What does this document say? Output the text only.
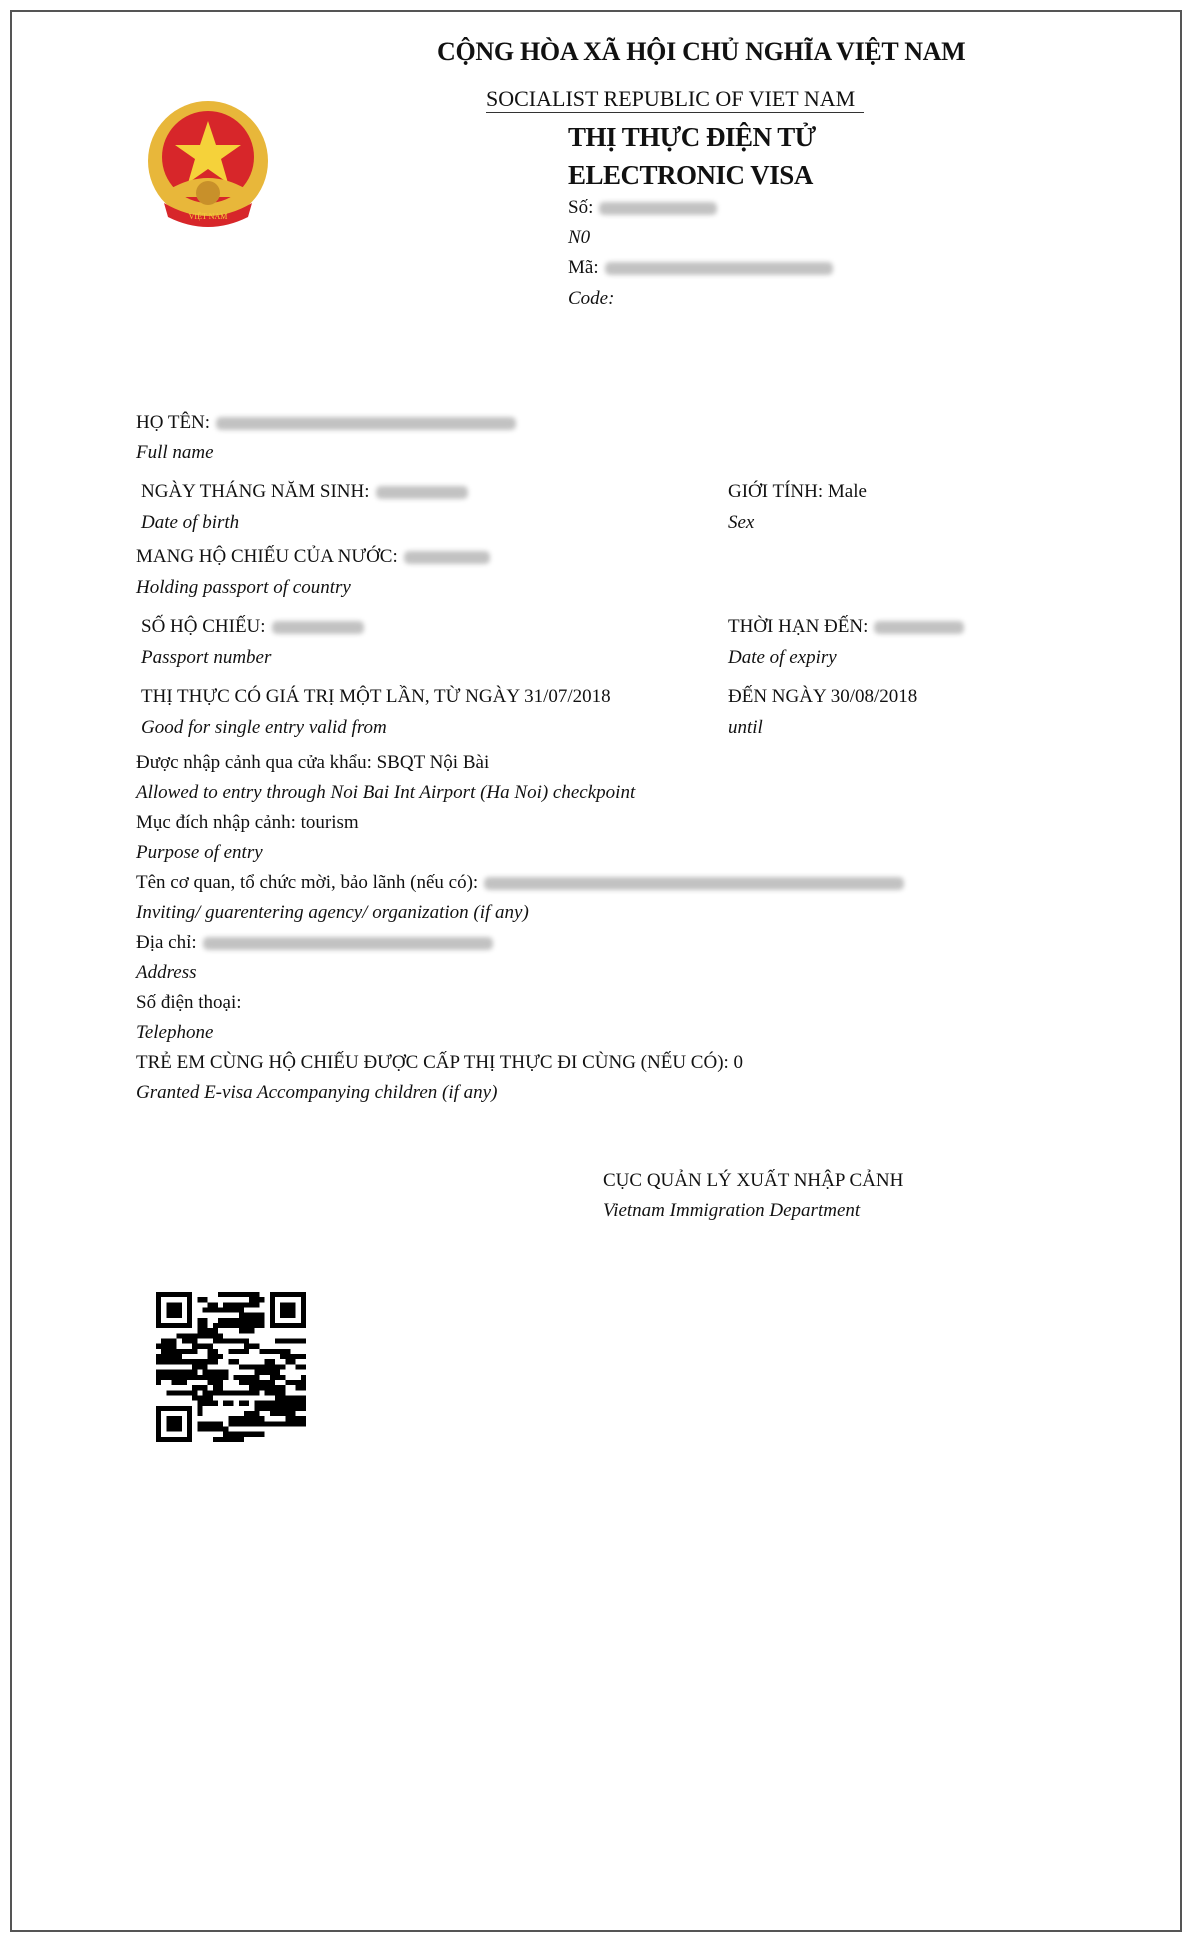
VIỆT NAM
CỘNG HÒA XÃ HỘI CHỦ NGHĨA VIỆT NAM
SOCIALIST REPUBLIC OF VIET NAM
THỊ THỰC ĐIỆN TỬ
ELECTRONIC VISA
Số:
N0
Mã:
Code:
HỌ TÊN:
Full name
NGÀY THÁNG NĂM SINH:
Date of birth
GIỚI TÍNH: Male
Sex
MANG HỘ CHIẾU CỦA NƯỚC:
Holding passport of country
SỐ HỘ CHIẾU:
Passport number
THỜI HẠN ĐẾN:
Date of expiry
THỊ THỰC CÓ GIÁ TRỊ MỘT LẦN, TỪ NGÀY 31/07/2018
Good for single entry valid from
ĐẾN NGÀY 30/08/2018
until
Được nhập cảnh qua cửa khẩu: SBQT Nội Bài
Allowed to entry through Noi Bai Int Airport (Ha Noi) checkpoint
Mục đích nhập cảnh: tourism
Purpose of entry
Tên cơ quan, tổ chức mời, bảo lãnh (nếu có):
Inviting/ guarentering agency/ organization (if any)
Địa chỉ:
Address
Số điện thoại:
Telephone
TRẺ EM CÙNG HỘ CHIẾU ĐƯỢC CẤP THỊ THỰC ĐI CÙNG (NẾU CÓ): 0
Granted E-visa Accompanying children (if any)
CỤC QUẢN LÝ XUẤT NHẬP CẢNH
Vietnam Immigration Department
